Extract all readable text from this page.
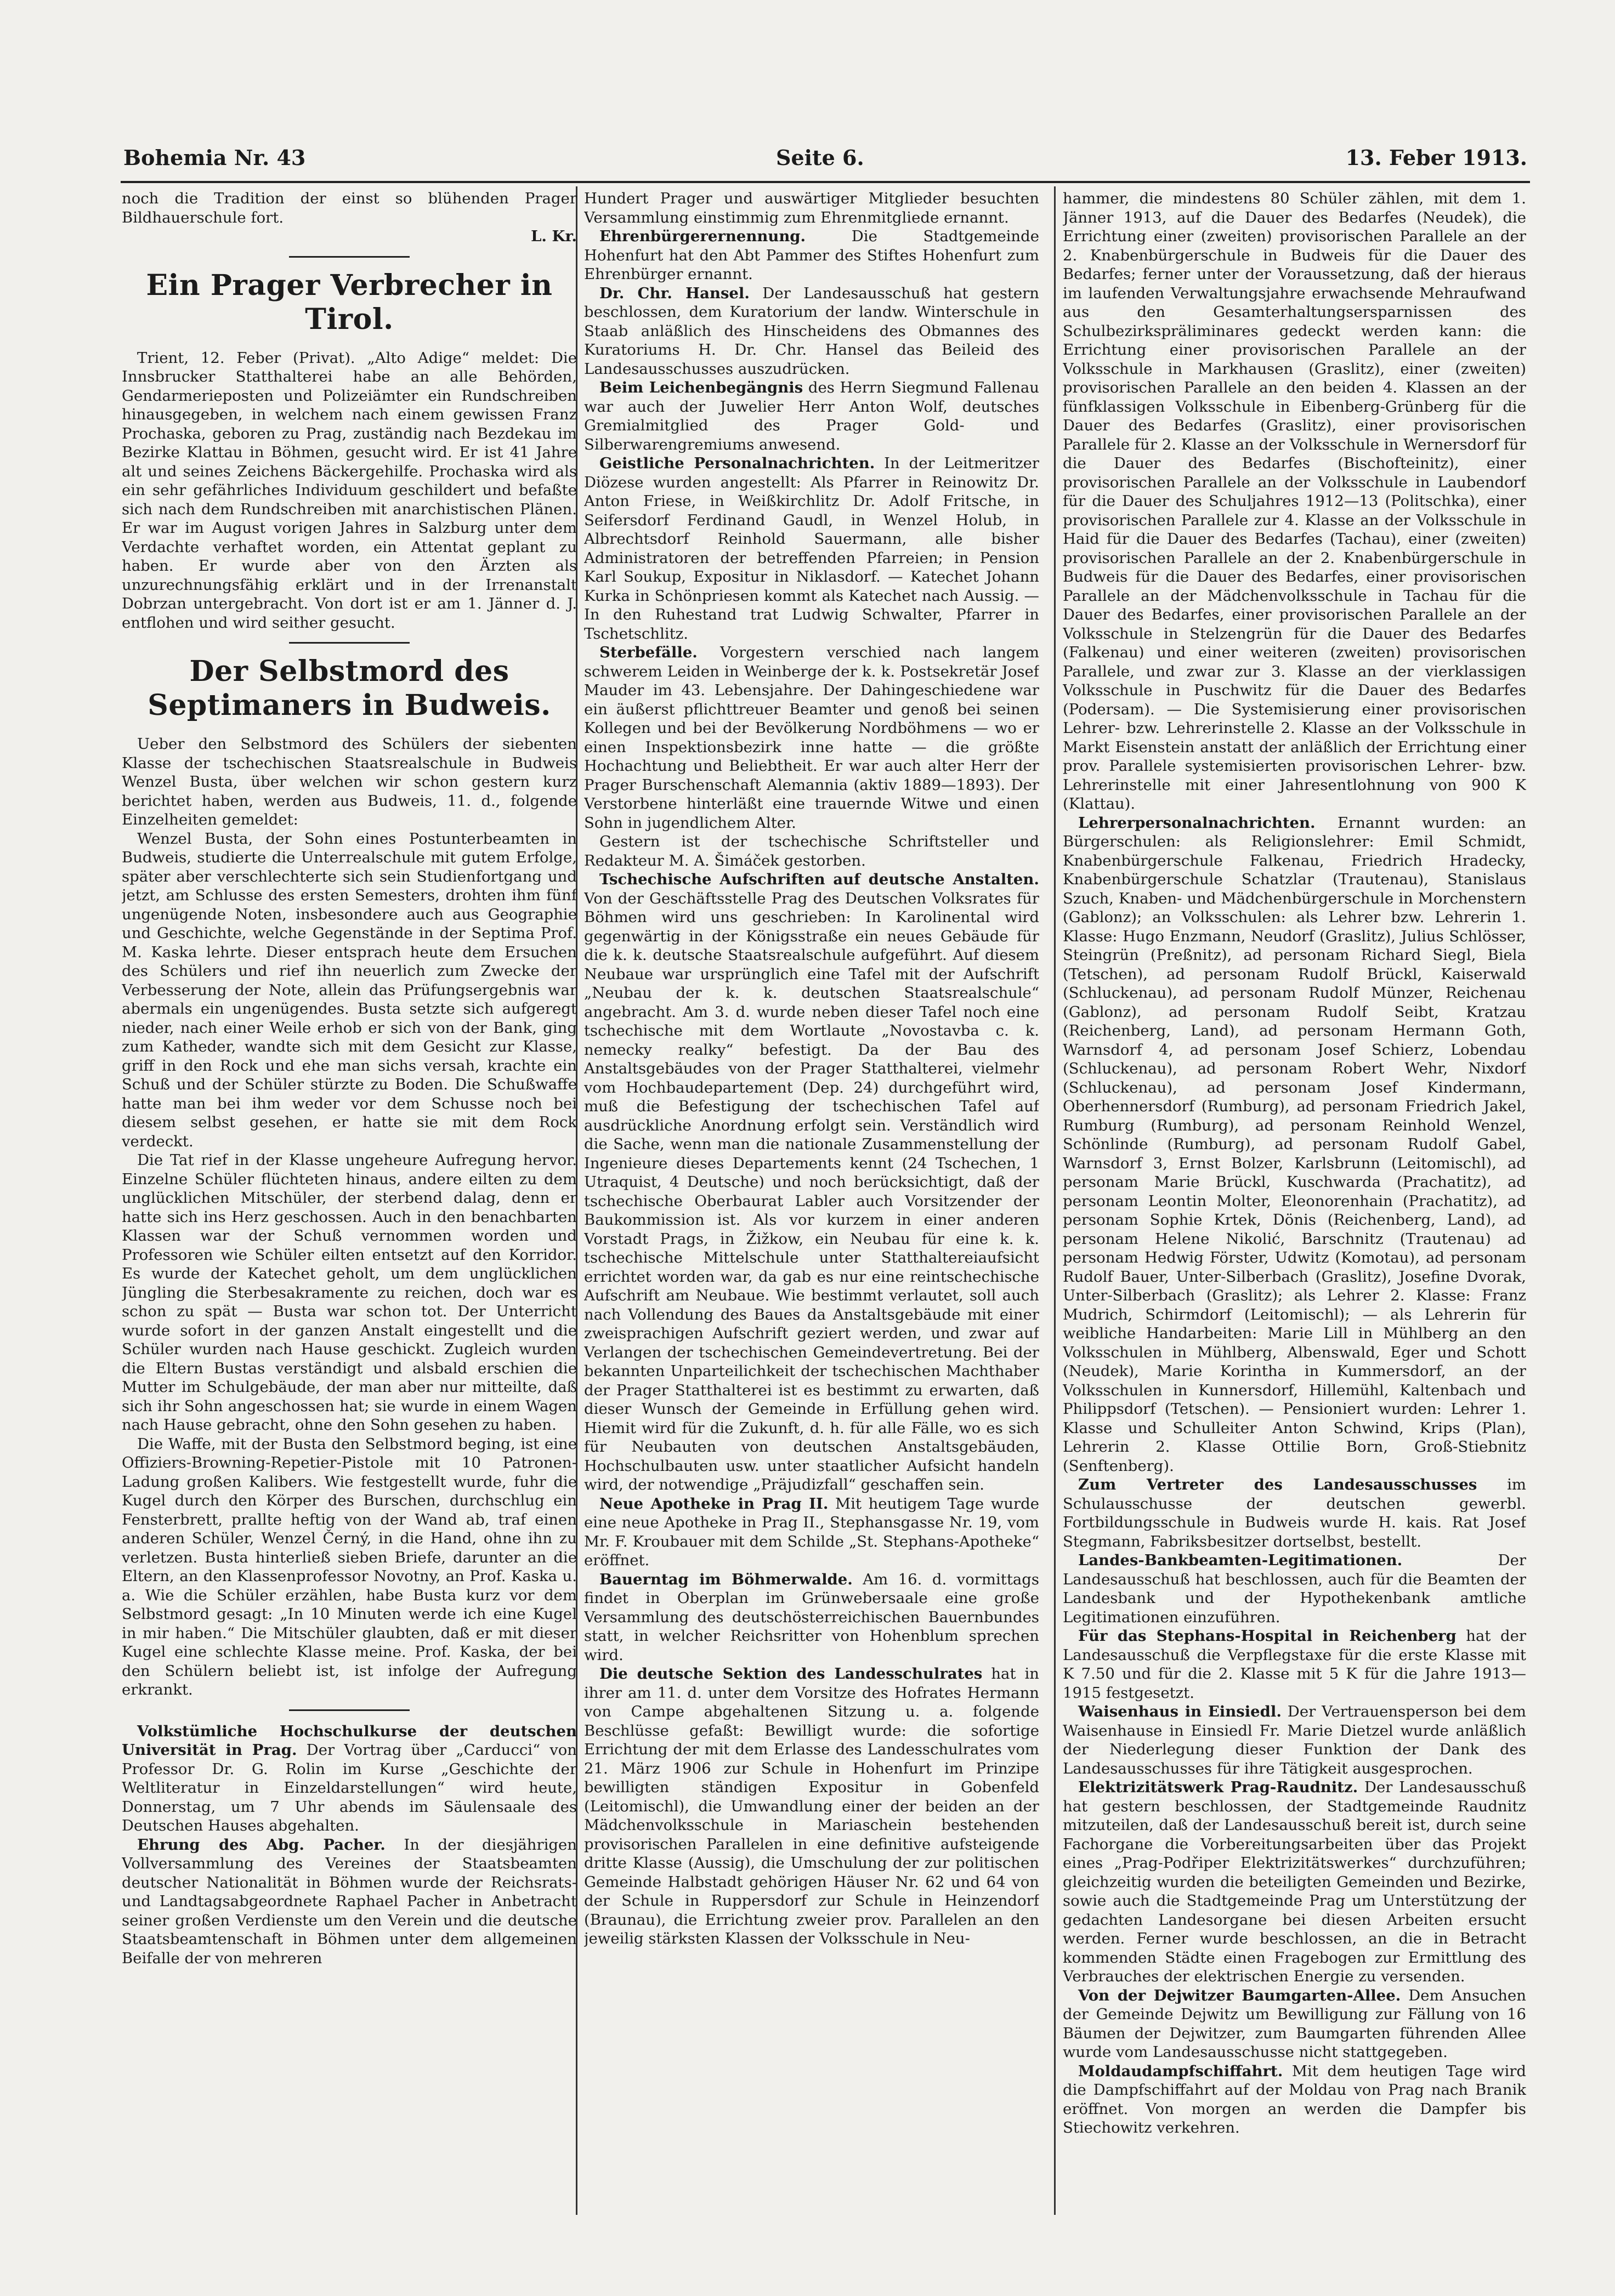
Bohemia Nr. 43	Seite 6.	13. Feber 1913.

noch die Tradition der einst so blühenden Prager Bildhauerschule fort.

L. Kr.
Ein Prager Verbrecher in Tirol.

Trient, 12. Feber (Privat). „Alto Adige“ meldet: Die Innsbrucker Statthalterei habe an alle Behörden, Gendarmerieposten und Polizeiämter ein Rundschreiben hinausgegeben, in welchem nach einem gewissen Franz Prochaska, geboren zu Prag, zuständig nach Bezdekau im Bezirke Klattau in Böhmen, gesucht wird. Er ist 41 Jahre alt und seines Zeichens Bäckergehilfe. Prochaska wird als ein sehr gefährliches Individuum geschildert und befaßte sich nach dem Rundschreiben mit anarchistischen Plänen. Er war im August vorigen Jahres in Salzburg unter dem Verdachte verhaftet worden, ein Attentat geplant zu haben. Er wurde aber von den Ärzten als unzurechnungsfähig erklärt und in der Irrenanstalt Dobrzan untergebracht. Von dort ist er am 1. Jänner d. J. entflohen und wird seither gesucht.

Der Selbstmord des Septimaners in Budweis.

Ueber den Selbstmord des Schülers der siebenten Klasse der tschechischen Staatsrealschule in Budweis Wenzel Busta, über welchen wir schon gestern kurz berichtet haben, werden aus Budweis, 11. d., folgende Einzelheiten gemeldet:

Wenzel Busta, der Sohn eines Postunterbeamten in Budweis, studierte die Unterrealschule mit gutem Erfolge, später aber verschlechterte sich sein Studienfortgang und jetzt, am Schlusse des ersten Semesters, drohten ihm fünf ungenügende Noten, insbesondere auch aus Geographie und Geschichte, welche Gegenstände in der Septima Prof. M. Kaska lehrte. Dieser entsprach heute dem Ersuchen des Schülers und rief ihn neuerlich zum Zwecke der Verbesserung der Note, allein das Prüfungsergebnis war abermals ein ungenügendes. Busta setzte sich aufgeregt nieder, nach einer Weile erhob er sich von der Bank, ging zum Katheder, wandte sich mit dem Gesicht zur Klasse, griff in den Rock und ehe man sichs versah, krachte ein Schuß und der Schüler stürzte zu Boden. Die Schußwaffe hatte man bei ihm weder vor dem Schusse noch bei diesem selbst gesehen, er hatte sie mit dem Rock verdeckt.

Die Tat rief in der Klasse ungeheure Aufregung hervor. Einzelne Schüler flüchteten hinaus, andere eilten zu dem unglücklichen Mitschüler, der sterbend dalag, denn er hatte sich ins Herz geschossen. Auch in den benachbarten Klassen war der Schuß vernommen worden und Professoren wie Schüler eilten entsetzt auf den Korridor. Es wurde der Katechet geholt, um dem unglücklichen Jüngling die Sterbesakramente zu reichen, doch war es schon zu spät — Busta war schon tot. Der Unterricht wurde sofort in der ganzen Anstalt eingestellt und die Schüler wurden nach Hause geschickt. Zugleich wurden die Eltern Bustas verständigt und alsbald erschien die Mutter im Schulgebäude, der man aber nur mitteilte, daß sich ihr Sohn angeschossen hat; sie wurde in einem Wagen nach Hause gebracht, ohne den Sohn gesehen zu haben.

Die Waffe, mit der Busta den Selbstmord beging, ist eine Offiziers-Browning-Repetier-Pistole mit 10 Patronen-Ladung großen Kalibers. Wie festgestellt wurde, fuhr die Kugel durch den Körper des Burschen, durchschlug ein Fensterbrett, prallte heftig von der Wand ab, traf einen anderen Schüler, Wenzel Černý, in die Hand, ohne ihn zu verletzen. Busta hinterließ sieben Briefe, darunter an die Eltern, an den Klassenprofessor Novotny, an Prof. Kaska u. a. Wie die Schüler erzählen, habe Busta kurz vor dem Selbstmord gesagt: „In 10 Minuten werde ich eine Kugel in mir haben.“ Die Mitschüler glaubten, daß er mit dieser Kugel eine schlechte Klasse meine. Prof. Kaska, der bei den Schülern beliebt ist, ist infolge der Aufregung erkrankt.

Volkstümliche Hochschulkurse der deutschen Universität in Prag. Der Vortrag über „Carducci“ von Professor Dr. G. Rolin im Kurse „Geschichte der Weltliteratur in Einzeldarstellungen“ wird heute, Donnerstag, um 7 Uhr abends im Säulensaale des Deutschen Hauses abgehalten.

Ehrung des Abg. Pacher. In der diesjährigen Vollversammlung des Vereines der Staatsbeamten deutscher Nationalität in Böhmen wurde der Reichsrats- und Landtagsabgeordnete Raphael Pacher in Anbetracht seiner großen Verdienste um den Verein und die deutsche Staatsbeamtenschaft in Böhmen unter dem allgemeinen Beifalle der von mehreren

Hundert Prager und auswärtiger Mitglieder besuchten Versammlung einstimmig zum Ehrenmitgliede ernannt.

Ehrenbürgerernennung. Die Stadtgemeinde Hohenfurt hat den Abt Pammer des Stiftes Hohenfurt zum Ehrenbürger ernannt.

Dr. Chr. Hansel. Der Landesausschuß hat gestern beschlossen, dem Kuratorium der landw. Winterschule in Staab anläßlich des Hinscheidens des Obmannes des Kuratoriums H. Dr. Chr. Hansel das Beileid des Landesausschusses auszudrücken.

Beim Leichenbegängnis des Herrn Siegmund Fallenau war auch der Juwelier Herr Anton Wolf, deutsches Gremialmitglied des Prager Gold- und Silberwarengremiums anwesend.

Geistliche Personalnachrichten. In der Leitmeritzer Diözese wurden angestellt: Als Pfarrer in Reinowitz Dr. Anton Friese, in Weißkirchlitz Dr. Adolf Fritsche, in Seifersdorf Ferdinand Gaudl, in Wenzel Holub, in Albrechtsdorf Reinhold Sauermann, alle bisher Administratoren der betreffenden Pfarreien; in Pension Karl Soukup, Expositur in Niklasdorf. — Katechet Johann Kurka in Schönpriesen kommt als Katechet nach Aussig. — In den Ruhestand trat Ludwig Schwalter, Pfarrer in Tschetschlitz.

Sterbefälle. Vorgestern verschied nach langem schwerem Leiden in Weinberge der k. k. Postsekretär Josef Mauder im 43. Lebensjahre. Der Dahingeschiedene war ein äußerst pflichttreuer Beamter und genoß bei seinen Kollegen und bei der Bevölkerung Nordböhmens — wo er einen Inspektionsbezirk inne hatte — die größte Hochachtung und Beliebtheit. Er war auch alter Herr der Prager Burschenschaft Alemannia (aktiv 1889—1893). Der Verstorbene hinterläßt eine trauernde Witwe und einen Sohn in jugendlichem Alter.

Gestern ist der tschechische Schriftsteller und Redakteur M. A. Šimáček gestorben.

Tschechische Aufschriften auf deutsche Anstalten. Von der Geschäftsstelle Prag des Deutschen Volksrates für Böhmen wird uns geschrieben: In Karolinental wird gegenwärtig in der Königsstraße ein neues Gebäude für die k. k. deutsche Staatsrealschule aufgeführt. Auf diesem Neubaue war ursprünglich eine Tafel mit der Aufschrift „Neubau der k. k. deutschen Staatsrealschule“ angebracht. Am 3. d. wurde neben dieser Tafel noch eine tschechische mit dem Wortlaute „Novostavba c. k. nemecky realky“ befestigt. Da der Bau des Anstaltsgebäudes von der Prager Statthalterei, vielmehr vom Hochbaudepartement (Dep. 24) durchgeführt wird, muß die Befestigung der tschechischen Tafel auf ausdrückliche Anordnung erfolgt sein. Verständlich wird die Sache, wenn man die nationale Zusammenstellung der Ingenieure dieses Departements kennt (24 Tschechen, 1 Utraquist, 4 Deutsche) und noch berücksichtigt, daß der tschechische Oberbaurat Labler auch Vorsitzender der Baukommission ist. Als vor kurzem in einer anderen Vorstadt Prags, in Žižkow, ein Neubau für eine k. k. tschechische Mittelschule unter Statthaltereiaufsicht errichtet worden war, da gab es nur eine reintschechische Aufschrift am Neubaue. Wie bestimmt verlautet, soll auch nach Vollendung des Baues da Anstaltsgebäude mit einer zweisprachigen Aufschrift geziert werden, und zwar auf Verlangen der tschechischen Gemeindevertretung. Bei der bekannten Unparteilichkeit der tschechischen Machthaber der Prager Statthalterei ist es bestimmt zu erwarten, daß dieser Wunsch der Gemeinde in Erfüllung gehen wird. Hiemit wird für die Zukunft, d. h. für alle Fälle, wo es sich für Neubauten von deutschen Anstaltsgebäuden, Hochschulbauten usw. unter staatlicher Aufsicht handeln wird, der notwendige „Präjudizfall“ geschaffen sein.

Neue Apotheke in Prag II. Mit heutigem Tage wurde eine neue Apotheke in Prag II., Stephansgasse Nr. 19, vom Mr. F. Kroubauer mit dem Schilde „St. Stephans-Apotheke“ eröffnet.

Bauerntag im Böhmerwalde. Am 16. d. vormittags findet in Oberplan im Grünwebersaale eine große Versammlung des deutschösterreichischen Bauernbundes statt, in welcher Reichsritter von Hohenblum sprechen wird.

Die deutsche Sektion des Landesschulrates hat in ihrer am 11. d. unter dem Vorsitze des Hofrates Hermann von Campe abgehaltenen Sitzung u. a. folgende Beschlüsse gefaßt: Bewilligt wurde: die sofortige Errichtung der mit dem Erlasse des Landesschulrates vom 21. März 1906 zur Schule in Hohenfurt im Prinzipe bewilligten ständigen Expositur in Gobenfeld (Leitomischl), die Umwandlung einer der beiden an der Mädchenvolksschule in Mariaschein bestehenden provisorischen Parallelen in eine definitive aufsteigende dritte Klasse (Aussig), die Umschulung der zur politischen Gemeinde Halbstadt gehörigen Häuser Nr. 62 und 64 von der Schule in Ruppersdorf zur Schule in Heinzendorf (Braunau), die Errichtung zweier prov. Parallelen an den jeweilig stärksten Klassen der Volksschule in Neu-

hammer, die mindestens 80 Schüler zählen, mit dem 1. Jänner 1913, auf die Dauer des Bedarfes (Neudek), die Errichtung einer (zweiten) provisorischen Parallele an der 2. Knabenbürgerschule in Budweis für die Dauer des Bedarfes; ferner unter der Voraussetzung, daß der hieraus im laufenden Verwaltungsjahre erwachsende Mehraufwand aus den Gesamterhaltungsersparnissen des Schulbezirkspräliminares gedeckt werden kann: die Errichtung einer provisorischen Parallele an der Volksschule in Markhausen (Graslitz), einer (zweiten) provisorischen Parallele an den beiden 4. Klassen an der fünfklassigen Volksschule in Eibenberg-Grünberg für die Dauer des Bedarfes (Graslitz), einer provisorischen Parallele für 2. Klasse an der Volksschule in Wernersdorf für die Dauer des Bedarfes (Bischofteinitz), einer provisorischen Parallele an der Volksschule in Laubendorf für die Dauer des Schuljahres 1912—13 (Politschka), einer provisorischen Parallele zur 4. Klasse an der Volksschule in Haid für die Dauer des Bedarfes (Tachau), einer (zweiten) provisorischen Parallele an der 2. Knabenbürgerschule in Budweis für die Dauer des Bedarfes, einer provisorischen Parallele an der Mädchenvolksschule in Tachau für die Dauer des Bedarfes, einer provisorischen Parallele an der Volksschule in Stelzengrün für die Dauer des Bedarfes (Falkenau) und einer weiteren (zweiten) provisorischen Parallele, und zwar zur 3. Klasse an der vierklassigen Volksschule in Puschwitz für die Dauer des Bedarfes (Podersam). — Die Systemisierung einer provisorischen Lehrer- bzw. Lehrerinstelle 2. Klasse an der Volksschule in Markt Eisenstein anstatt der anläßlich der Errichtung einer prov. Parallele systemisierten provisorischen Lehrer- bzw. Lehrerinstelle mit einer Jahresentlohnung von 900 K (Klattau).

Lehrerpersonalnachrichten. Ernannt wurden: an Bürgerschulen: als Religionslehrer: Emil Schmidt, Knabenbürgerschule Falkenau, Friedrich Hradecky, Knabenbürgerschule Schatzlar (Trautenau), Stanislaus Szuch, Knaben- und Mädchenbürgerschule in Morchenstern (Gablonz); an Volksschulen: als Lehrer bzw. Lehrerin 1. Klasse: Hugo Enzmann, Neudorf (Graslitz), Julius Schlösser, Steingrün (Preßnitz), ad personam Richard Siegl, Biela (Tetschen), ad personam Rudolf Brückl, Kaiserwald (Schluckenau), ad personam Rudolf Münzer, Reichenau (Gablonz), ad personam Rudolf Seibt, Kratzau (Reichenberg, Land), ad personam Hermann Goth, Warnsdorf 4, ad personam Josef Schierz, Lobendau (Schluckenau), ad personam Robert Wehr, Nixdorf (Schluckenau), ad personam Josef Kindermann, Oberhennersdorf (Rumburg), ad personam Friedrich Jakel, Rumburg (Rumburg), ad personam Reinhold Wenzel, Schönlinde (Rumburg), ad personam Rudolf Gabel, Warnsdorf 3, Ernst Bolzer, Karlsbrunn (Leitomischl), ad personam Marie Brückl, Kuschwarda (Prachatitz), ad personam Leontin Molter, Eleonorenhain (Prachatitz), ad personam Sophie Krtek, Dönis (Reichenberg, Land), ad personam Helene Nikolić, Barschnitz (Trautenau) ad personam Hedwig Förster, Udwitz (Komotau), ad personam Rudolf Bauer, Unter-Silberbach (Graslitz), Josefine Dvorak, Unter-Silberbach (Graslitz); als Lehrer 2. Klasse: Franz Mudrich, Schirmdorf (Leitomischl); — als Lehrerin für weibliche Handarbeiten: Marie Lill in Mühlberg an den Volksschulen in Mühlberg, Albenswald, Eger und Schott (Neudek), Marie Korintha in Kummersdorf, an der Volksschulen in Kunnersdorf, Hillemühl, Kaltenbach und Philippsdorf (Tetschen). — Pensioniert wurden: Lehrer 1. Klasse und Schulleiter Anton Schwind, Krips (Plan), Lehrerin 2. Klasse Ottilie Born, Groß-Stiebnitz (Senftenberg).

Zum Vertreter des Landesausschusses im Schulausschusse der deutschen gewerbl. Fortbildungsschule in Budweis wurde H. kais. Rat Josef Stegmann, Fabriksbesitzer dortselbst, bestellt.

Landes-Bankbeamten-Legitimationen. Der Landesausschuß hat beschlossen, auch für die Beamten der Landesbank und der Hypothekenbank amtliche Legitimationen einzuführen.

Für das Stephans-Hospital in Reichenberg hat der Landesausschuß die Verpflegstaxe für die erste Klasse mit K 7.50 und für die 2. Klasse mit 5 K für die Jahre 1913—1915 festgesetzt.

Waisenhaus in Einsiedl. Der Vertrauensperson bei dem Waisenhause in Einsiedl Fr. Marie Dietzel wurde anläßlich der Niederlegung dieser Funktion der Dank des Landesausschusses für ihre Tätigkeit ausgesprochen.

Elektrizitätswerk Prag-Raudnitz. Der Landesausschuß hat gestern beschlossen, der Stadtgemeinde Raudnitz mitzuteilen, daß der Landesausschuß bereit ist, durch seine Fachorgane die Vorbereitungsarbeiten über das Projekt eines „Prag-Podřiper Elektrizitätswerkes“ durchzuführen; gleichzeitig wurden die beteiligten Gemeinden und Bezirke, sowie auch die Stadtgemeinde Prag um Unterstützung der gedachten Landesorgane bei diesen Arbeiten ersucht werden. Ferner wurde beschlossen, an die in Betracht kommenden Städte einen Fragebogen zur Ermittlung des Verbrauches der elektrischen Energie zu versenden.

Von der Dejwitzer Baumgarten-Allee. Dem Ansuchen der Gemeinde Dejwitz um Bewilligung zur Fällung von 16 Bäumen der Dejwitzer, zum Baumgarten führenden Allee wurde vom Landesausschusse nicht stattgegeben.

Moldaudampfschiffahrt. Mit dem heutigen Tage wird die Dampfschiffahrt auf der Moldau von Prag nach Branik eröffnet. Von morgen an werden die Dampfer bis Stiechowitz verkehren.
